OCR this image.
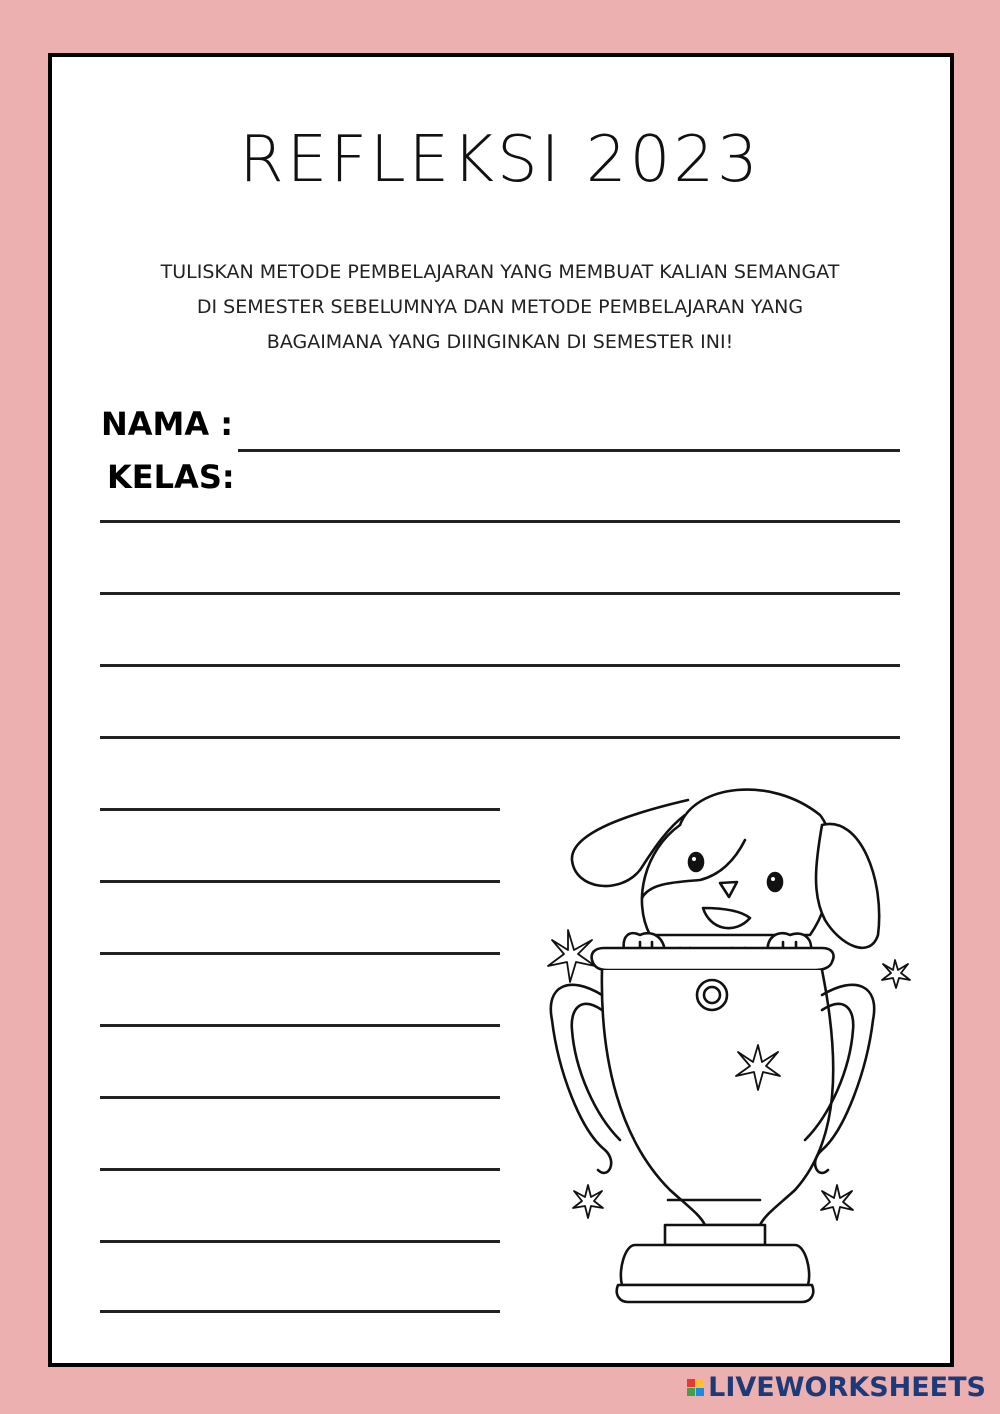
REFLEKSI 2023
TULISKAN METODE PEMBELAJARAN YANG MEMBUAT KALIAN SEMANGAT
DI SEMESTER SEBELUMNYA DAN METODE PEMBELAJARAN YANG
BAGAIMANA YANG DIINGINKAN DI SEMESTER INI!
NAMA :
KELAS:
LIVEWORKSHEETS
